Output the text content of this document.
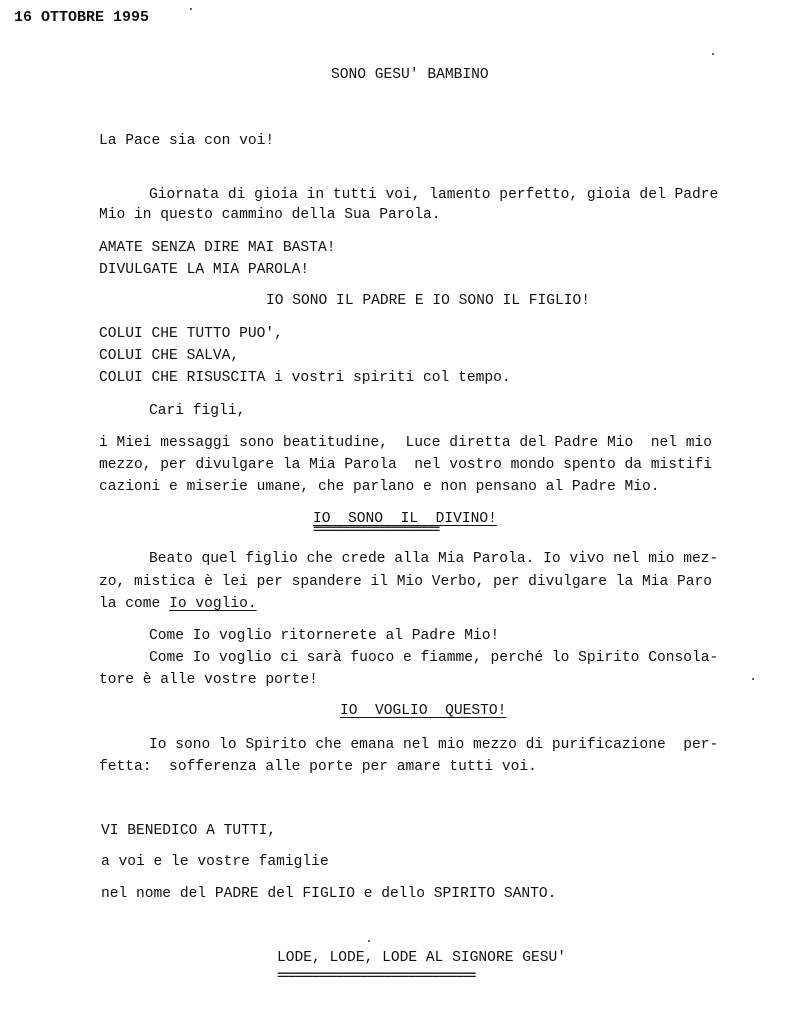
16 OTTOBRE 1995
SONO GESU' BAMBINO
La Pace sia con voi!
Giornata di gioia in tutti voi, lamento perfetto, gioia del Padre
Mio in questo cammino della Sua Parola.
AMATE SENZA DIRE MAI BASTA!
DIVULGATE LA MIA PAROLA!
IO SONO IL PADRE E IO SONO IL FIGLIO!
COLUI CHE TUTTO PUO',
COLUI CHE SALVA,
COLUI CHE RISUSCITA i vostri spiriti col tempo.
Cari figli,
i Miei messaggi sono beatitudine,  Luce diretta del Padre Mio  nel mio
mezzo, per divulgare la Mia Parola  nel vostro mondo spento da mistifi
cazioni e miserie umane, che parlano e non pensano al Padre Mio.
IO  SONO  IL  DIVINO!
=====================
Beato quel figlio che crede alla Mia Parola. Io vivo nel mio mez-
zo, mistica è lei per spandere il Mio Verbo, per divulgare la Mia Paro
la come Io voglio.
Come Io voglio ritornerete al Padre Mio!
Come Io voglio ci sarà fuoco e fiamme, perché lo Spirito Consola-
tore è alle vostre porte!
IO  VOGLIO  QUESTO!
Io sono lo Spirito che emana nel mio mezzo di purificazione  per-
fetta:  sofferenza alle porte per amare tutti voi.
VI BENEDICO A TUTTI,
a voi e le vostre famiglie
nel nome del PADRE del FIGLIO e dello SPIRITO SANTO.
LODE, LODE, LODE AL SIGNORE GESU'
=================================
